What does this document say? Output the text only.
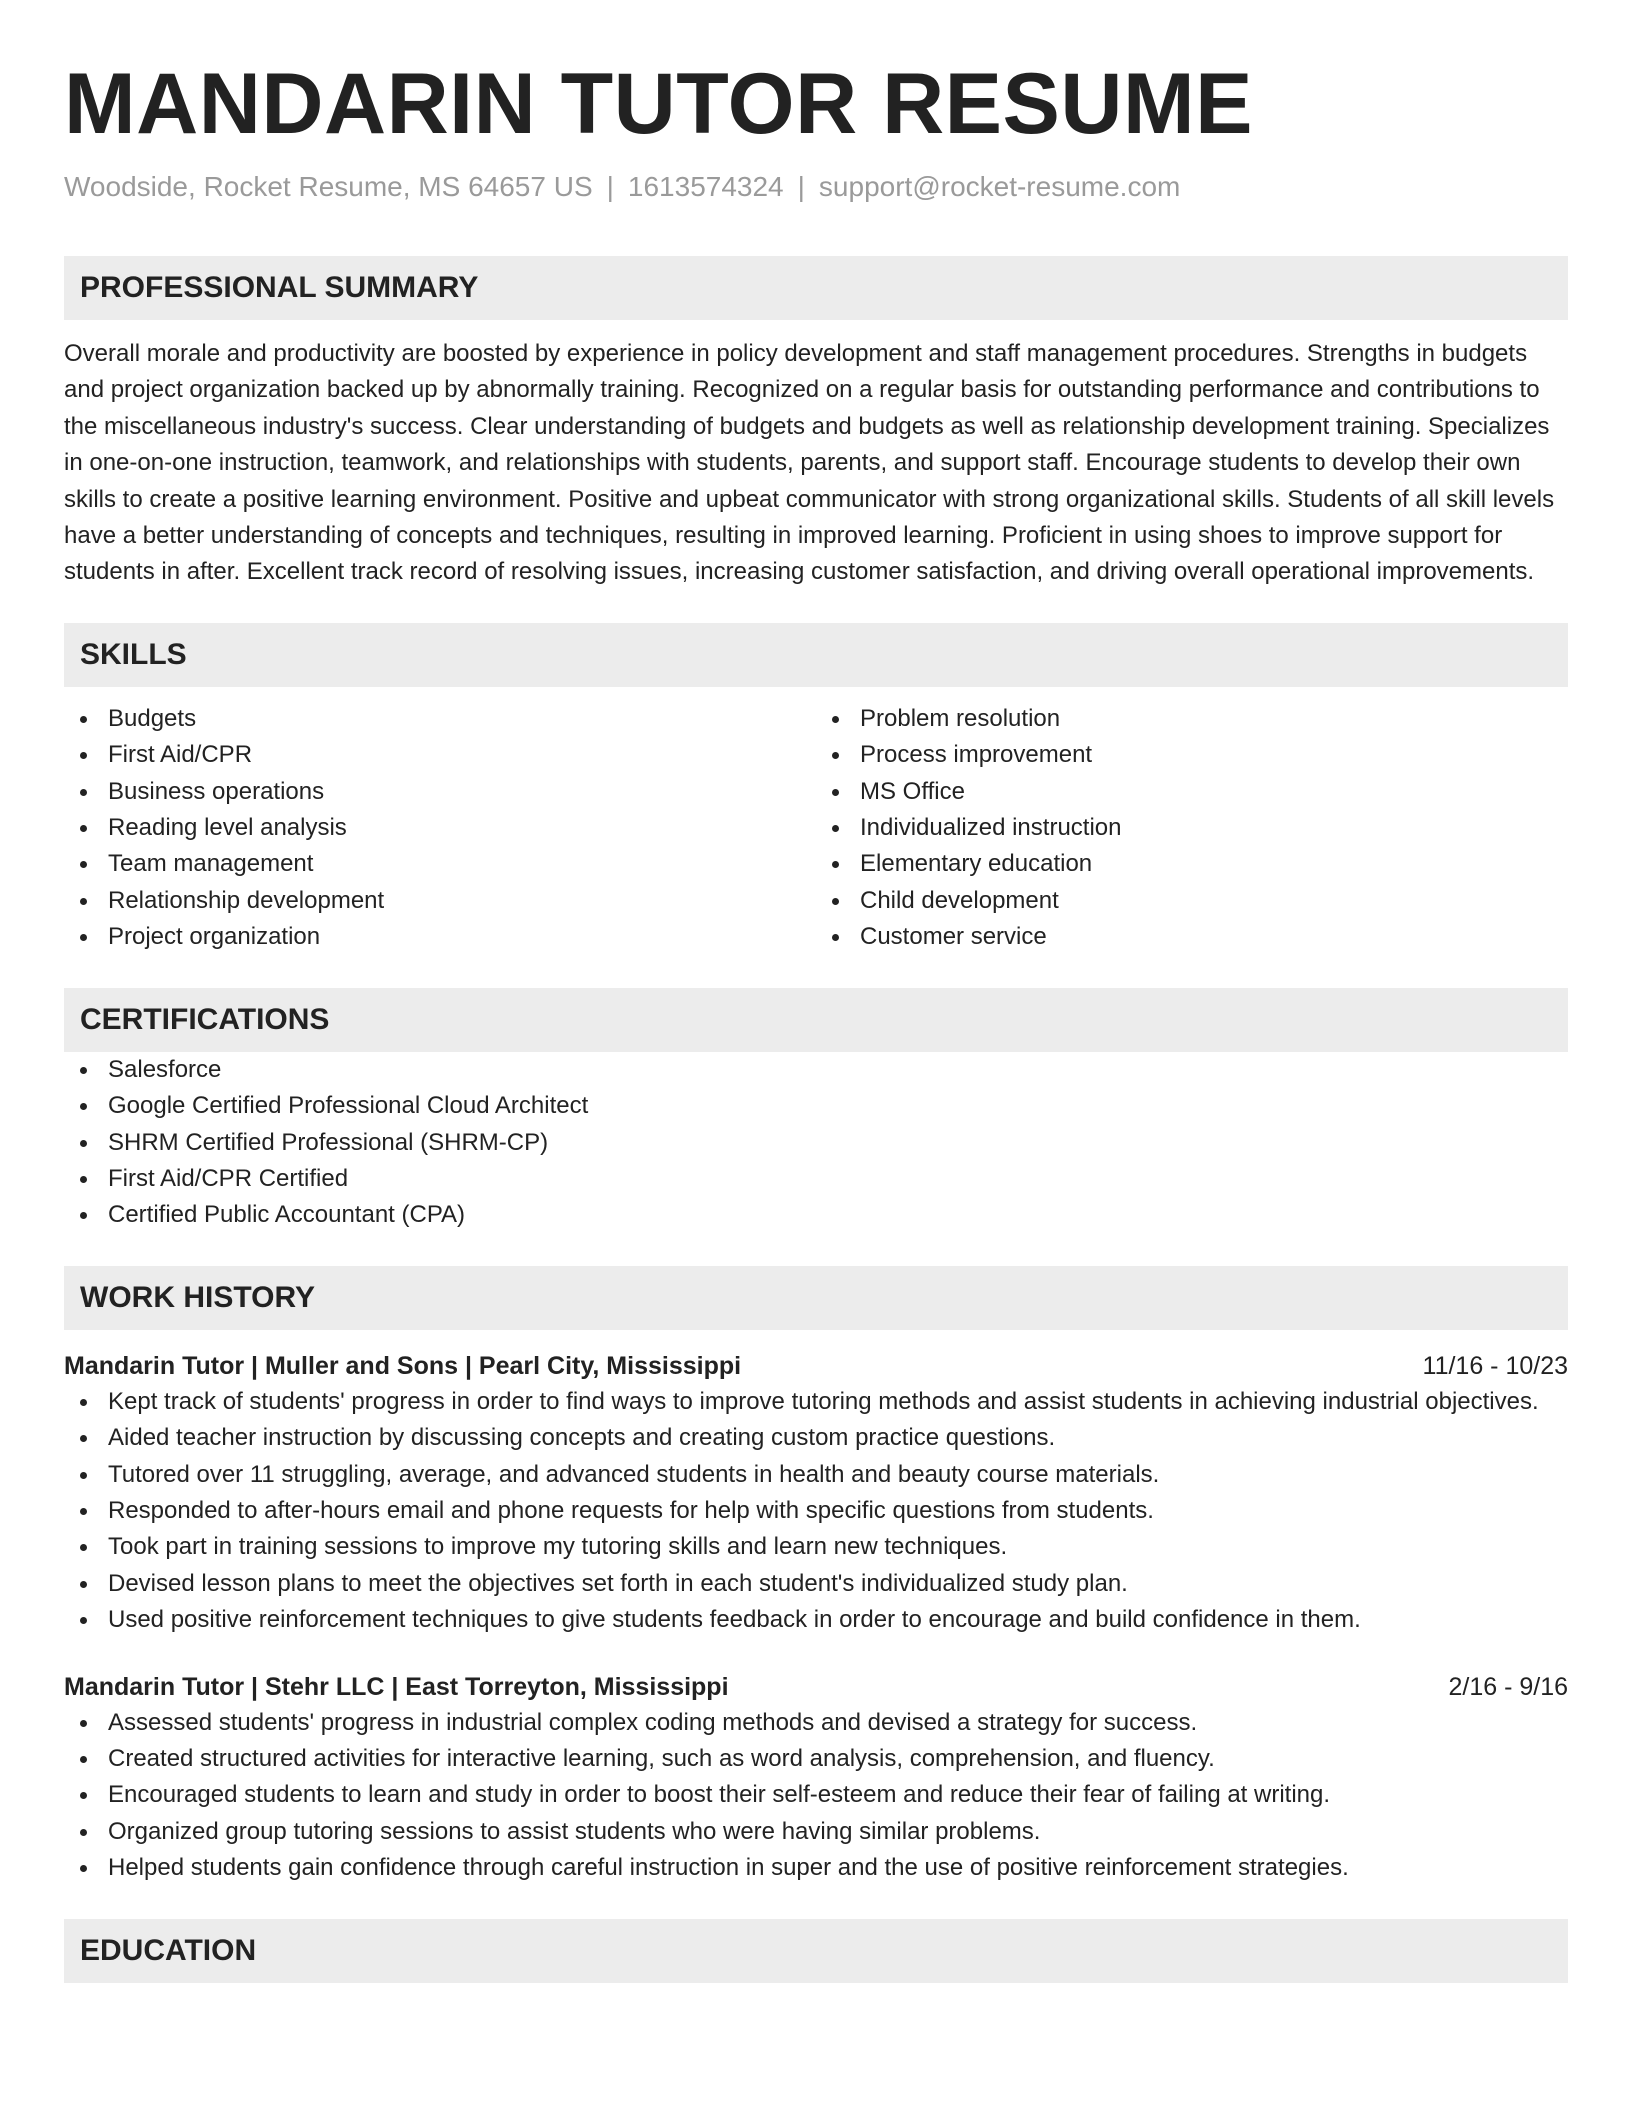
MANDARIN TUTOR RESUME
Woodside, Rocket Resume, MS 64657 US | 1613574324 | support@rocket-resume.com
PROFESSIONAL SUMMARY

Overall morale and productivity are boosted by experience in policy development and staff management procedures. Strengths in budgets and project organization backed up by abnormally training. Recognized on a regular basis for outstanding performance and contributions to the miscellaneous industry's success. Clear understanding of budgets and budgets as well as relationship development training. Specializes in one-on-one instruction, teamwork, and relationships with students, parents, and support staff. Encourage students to develop their own skills to create a positive learning environment. Positive and upbeat communicator with strong organizational skills. Students of all skill levels have a better understanding of concepts and techniques, resulting in improved learning. Proficient in using shoes to improve support for students in after. Excellent track record of resolving issues, increasing customer satisfaction, and driving overall operational improvements.

SKILLS
Budgets
First Aid/CPR
Business operations
Reading level analysis
Team management
Relationship development
Project organization
Problem resolution
Process improvement
MS Office
Individualized instruction
Elementary education
Child development
Customer service
CERTIFICATIONS
Salesforce
Google Certified Professional Cloud Architect
SHRM Certified Professional (SHRM-CP)
First Aid/CPR Certified
Certified Public Accountant (CPA)
WORK HISTORY
Mandarin Tutor | Muller and Sons | Pearl City, Mississippi	11/16 - 10/23
Kept track of students' progress in order to find ways to improve tutoring methods and assist students in achieving industrial objectives.
Aided teacher instruction by discussing concepts and creating custom practice questions.
Tutored over 11 struggling, average, and advanced students in health and beauty course materials.
Responded to after-hours email and phone requests for help with specific questions from students.
Took part in training sessions to improve my tutoring skills and learn new techniques.
Devised lesson plans to meet the objectives set forth in each student's individualized study plan.
Used positive reinforcement techniques to give students feedback in order to encourage and build confidence in them.
Mandarin Tutor | Stehr LLC | East Torreyton, Mississippi	2/16 - 9/16
Assessed students' progress in industrial complex coding methods and devised a strategy for success.
Created structured activities for interactive learning, such as word analysis, comprehension, and fluency.
Encouraged students to learn and study in order to boost their self-esteem and reduce their fear of failing at writing.
Organized group tutoring sessions to assist students who were having similar problems.
Helped students gain confidence through careful instruction in super and the use of positive reinforcement strategies.
EDUCATION
